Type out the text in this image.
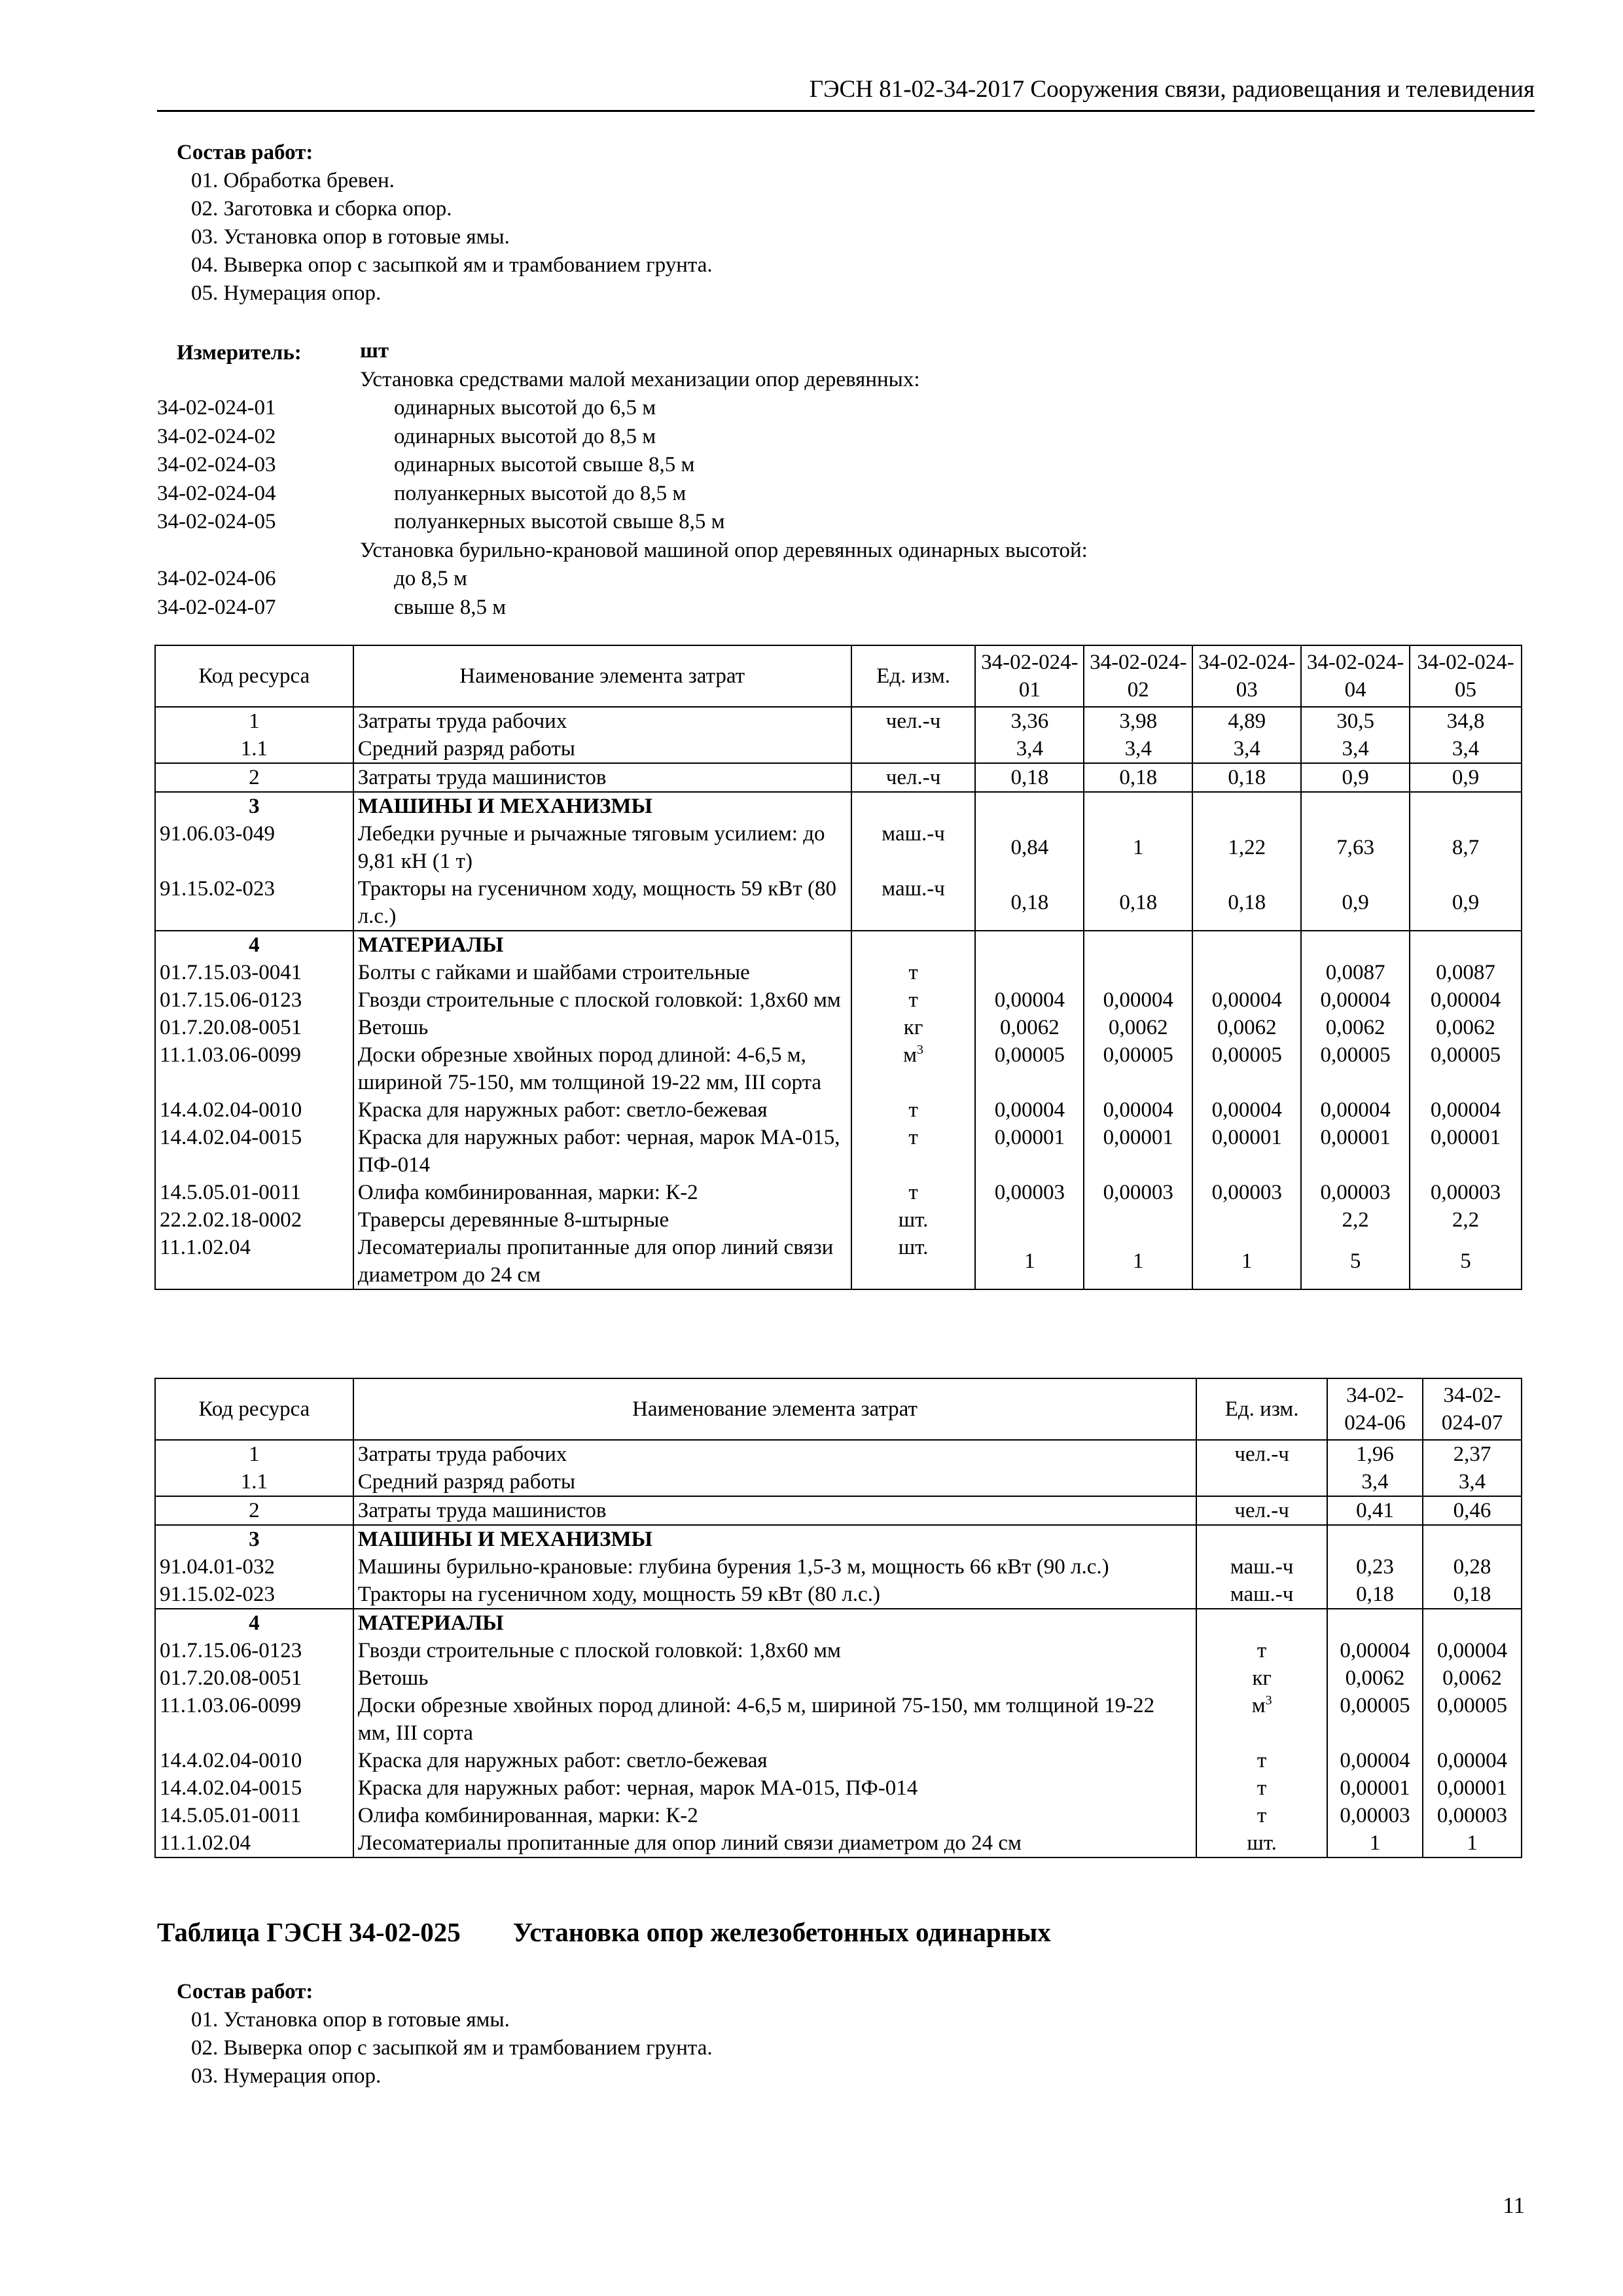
ГЭСН 81-02-34-2017 Сооружения связи, радиовещания и телевидения
Состав работ:
01. Обработка бревен.
02. Заготовка и сборка опор.
03. Установка опор в готовые ямы.
04. Выверка опор с засыпкой ям и трамбованием грунта.
05. Нумерация опор.
Измеритель:	шт
Установка средствами малой механизации опор деревянных:
34-02-024-01	одинарных высотой до 6,5 м
34-02-024-02	одинарных высотой до 8,5 м
34-02-024-03	одинарных высотой свыше 8,5 м
34-02-024-04	полуанкерных высотой до 8,5 м
34-02-024-05	полуанкерных высотой свыше 8,5 м
Установка бурильно-крановой машиной опор деревянных одинарных высотой:
34-02-024-06	до 8,5 м
34-02-024-07	свыше 8,5 м
Код ресурса	Наименование элемента затрат	Ед. изм.	34-02-024-01	34-02-024-02	34-02-024-03	34-02-024-04	34-02-024-05
1	Затраты труда рабочих	чел.-ч	3,36	3,98	4,89	30,5	34,8
1.1	Средний разряд работы		3,4	3,4	3,4	3,4	3,4
2	Затраты труда машинистов	чел.-ч	0,18	0,18	0,18	0,9	0,9
3	МАШИНЫ И МЕХАНИЗМЫ						
91.06.03-049	Лебедки ручные и рычажные тяговым усилием: до 9,81 кН (1 т)	маш.-ч	0,84	1	1,22	7,63	8,7
91.15.02-023	Тракторы на гусеничном ходу, мощность 59 кВт (80 л.с.)	маш.-ч	0,18	0,18	0,18	0,9	0,9
4	МАТЕРИАЛЫ						
01.7.15.03-0041	Болты с гайками и шайбами строительные	т				0,0087	0,0087
01.7.15.06-0123	Гвозди строительные с плоской головкой: 1,8x60 мм	т	0,00004	0,00004	0,00004	0,00004	0,00004
01.7.20.08-0051	Ветошь	кг	0,0062	0,0062	0,0062	0,0062	0,0062
11.1.03.06-0099	Доски обрезные хвойных пород длиной: 4-6,5 м, шириной 75-150, мм толщиной 19-22 мм, III сорта	$м^3$	0,00005	0,00005	0,00005	0,00005	0,00005
14.4.02.04-0010	Краска для наружных работ: светло-бежевая	т	0,00004	0,00004	0,00004	0,00004	0,00004
14.4.02.04-0015	Краска для наружных работ: черная, марок МА-015, ПФ-014	т	0,00001	0,00001	0,00001	0,00001	0,00001
14.5.05.01-0011	Олифа комбинированная, марки: К-2	т	0,00003	0,00003	0,00003	0,00003	0,00003
22.2.02.18-0002	Траверсы деревянные 8-штырные	шт.				2,2	2,2
11.1.02.04	Лесоматериалы пропитанные для опор линий связи диаметром до 24 см	шт.	1	1	1	5	5
Код ресурса	Наименование элемента затрат	Ед. изм.	34-02-024-06	34-02-024-07
1	Затраты труда рабочих	чел.-ч	1,96	2,37
1.1	Средний разряд работы		3,4	3,4
2	Затраты труда машинистов	чел.-ч	0,41	0,46
3	МАШИНЫ И МЕХАНИЗМЫ			
91.04.01-032	Машины бурильно-крановые: глубина бурения 1,5-3 м, мощность 66 кВт (90 л.с.)	маш.-ч	0,23	0,28
91.15.02-023	Тракторы на гусеничном ходу, мощность 59 кВт (80 л.с.)	маш.-ч	0,18	0,18
4	МАТЕРИАЛЫ			
01.7.15.06-0123	Гвозди строительные с плоской головкой: 1,8x60 мм	т	0,00004	0,00004
01.7.20.08-0051	Ветошь	кг	0,0062	0,0062
11.1.03.06-0099	Доски обрезные хвойных пород длиной: 4-6,5 м, шириной 75-150, мм толщиной 19-22 мм, III сорта	$м^3$	0,00005	0,00005
14.4.02.04-0010	Краска для наружных работ: светло-бежевая	т	0,00004	0,00004
14.4.02.04-0015	Краска для наружных работ: черная, марок МА-015, ПФ-014	т	0,00001	0,00001
14.5.05.01-0011	Олифа комбинированная, марки: К-2	т	0,00003	0,00003
11.1.02.04	Лесоматериалы пропитанные для опор линий связи диаметром до 24 см	шт.	1	1
Таблица ГЭСН 34-02-025 Установка опор железобетонных одинарных
Состав работ:
01. Установка опор в готовые ямы.
02. Выверка опор с засыпкой ям и трамбованием грунта.
03. Нумерация опор.
11
